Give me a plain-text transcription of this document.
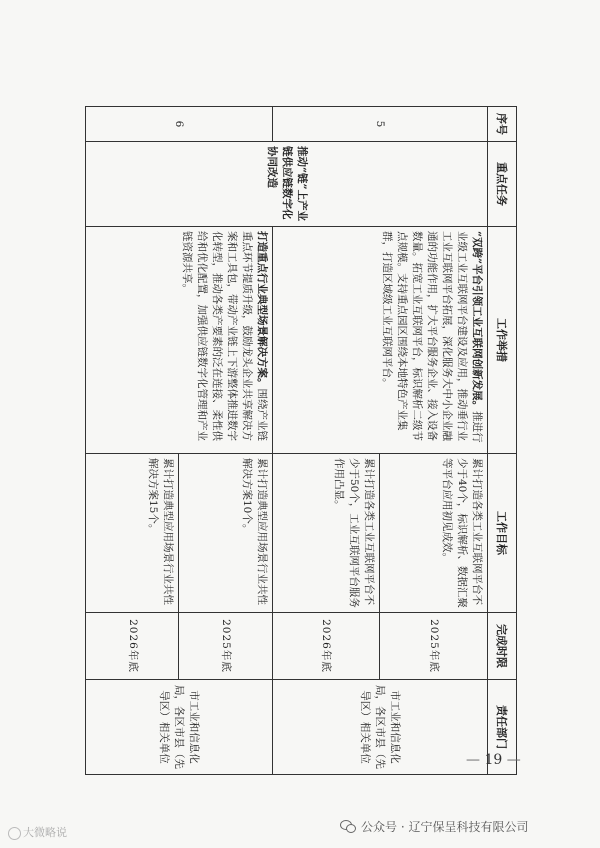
序号	重点任务	工作举措	工作目标	完成时限	责任部门
5	推动“链”上产业链供应链数字化协同改造	“双跨”平台引领工业互联网创新发展。推进行业级工业互联网平台建设及应用，推动垂行业工业互联网平台拓展，深化服务大中小企业融通的功能作用，扩大平台服务企业、接入设备数量。拓宽工业互联网平台，标识解析二级节点规模。支持重点园区围绕本地特色产业集群，打造区域级工业互联网平台。	累计打造各类工业互联网平台不少于40个，标识解析、数据汇聚等平台应用初见成效。	2025年底	市工业和信息化局，各区市县（先导区）相关单位
			累计打造各类工业互联网平台不少于50个，工业互联网平台服务作用凸显。	2026年底	
6		打造重点行业典型场景解决方案。围绕产业链重点环节提质升级，鼓励龙头企业共享解决方案和工具包，带动产业链上下游整体推进数字化转型，推动各类产要素的泛在连接、柔性供给和优化配置，加强供应链数字化管理和产业链资源共享。	累计打造典型应用场景行业共性解决方案10个。	2025年底	市工业和信息化局，各区市县（先导区）相关单位
			累计打造典型应用场景行业共性解决方案15个。	2026年底	
— 19 —
大微略说	公众号 · 辽宁保呈科技有限公司
